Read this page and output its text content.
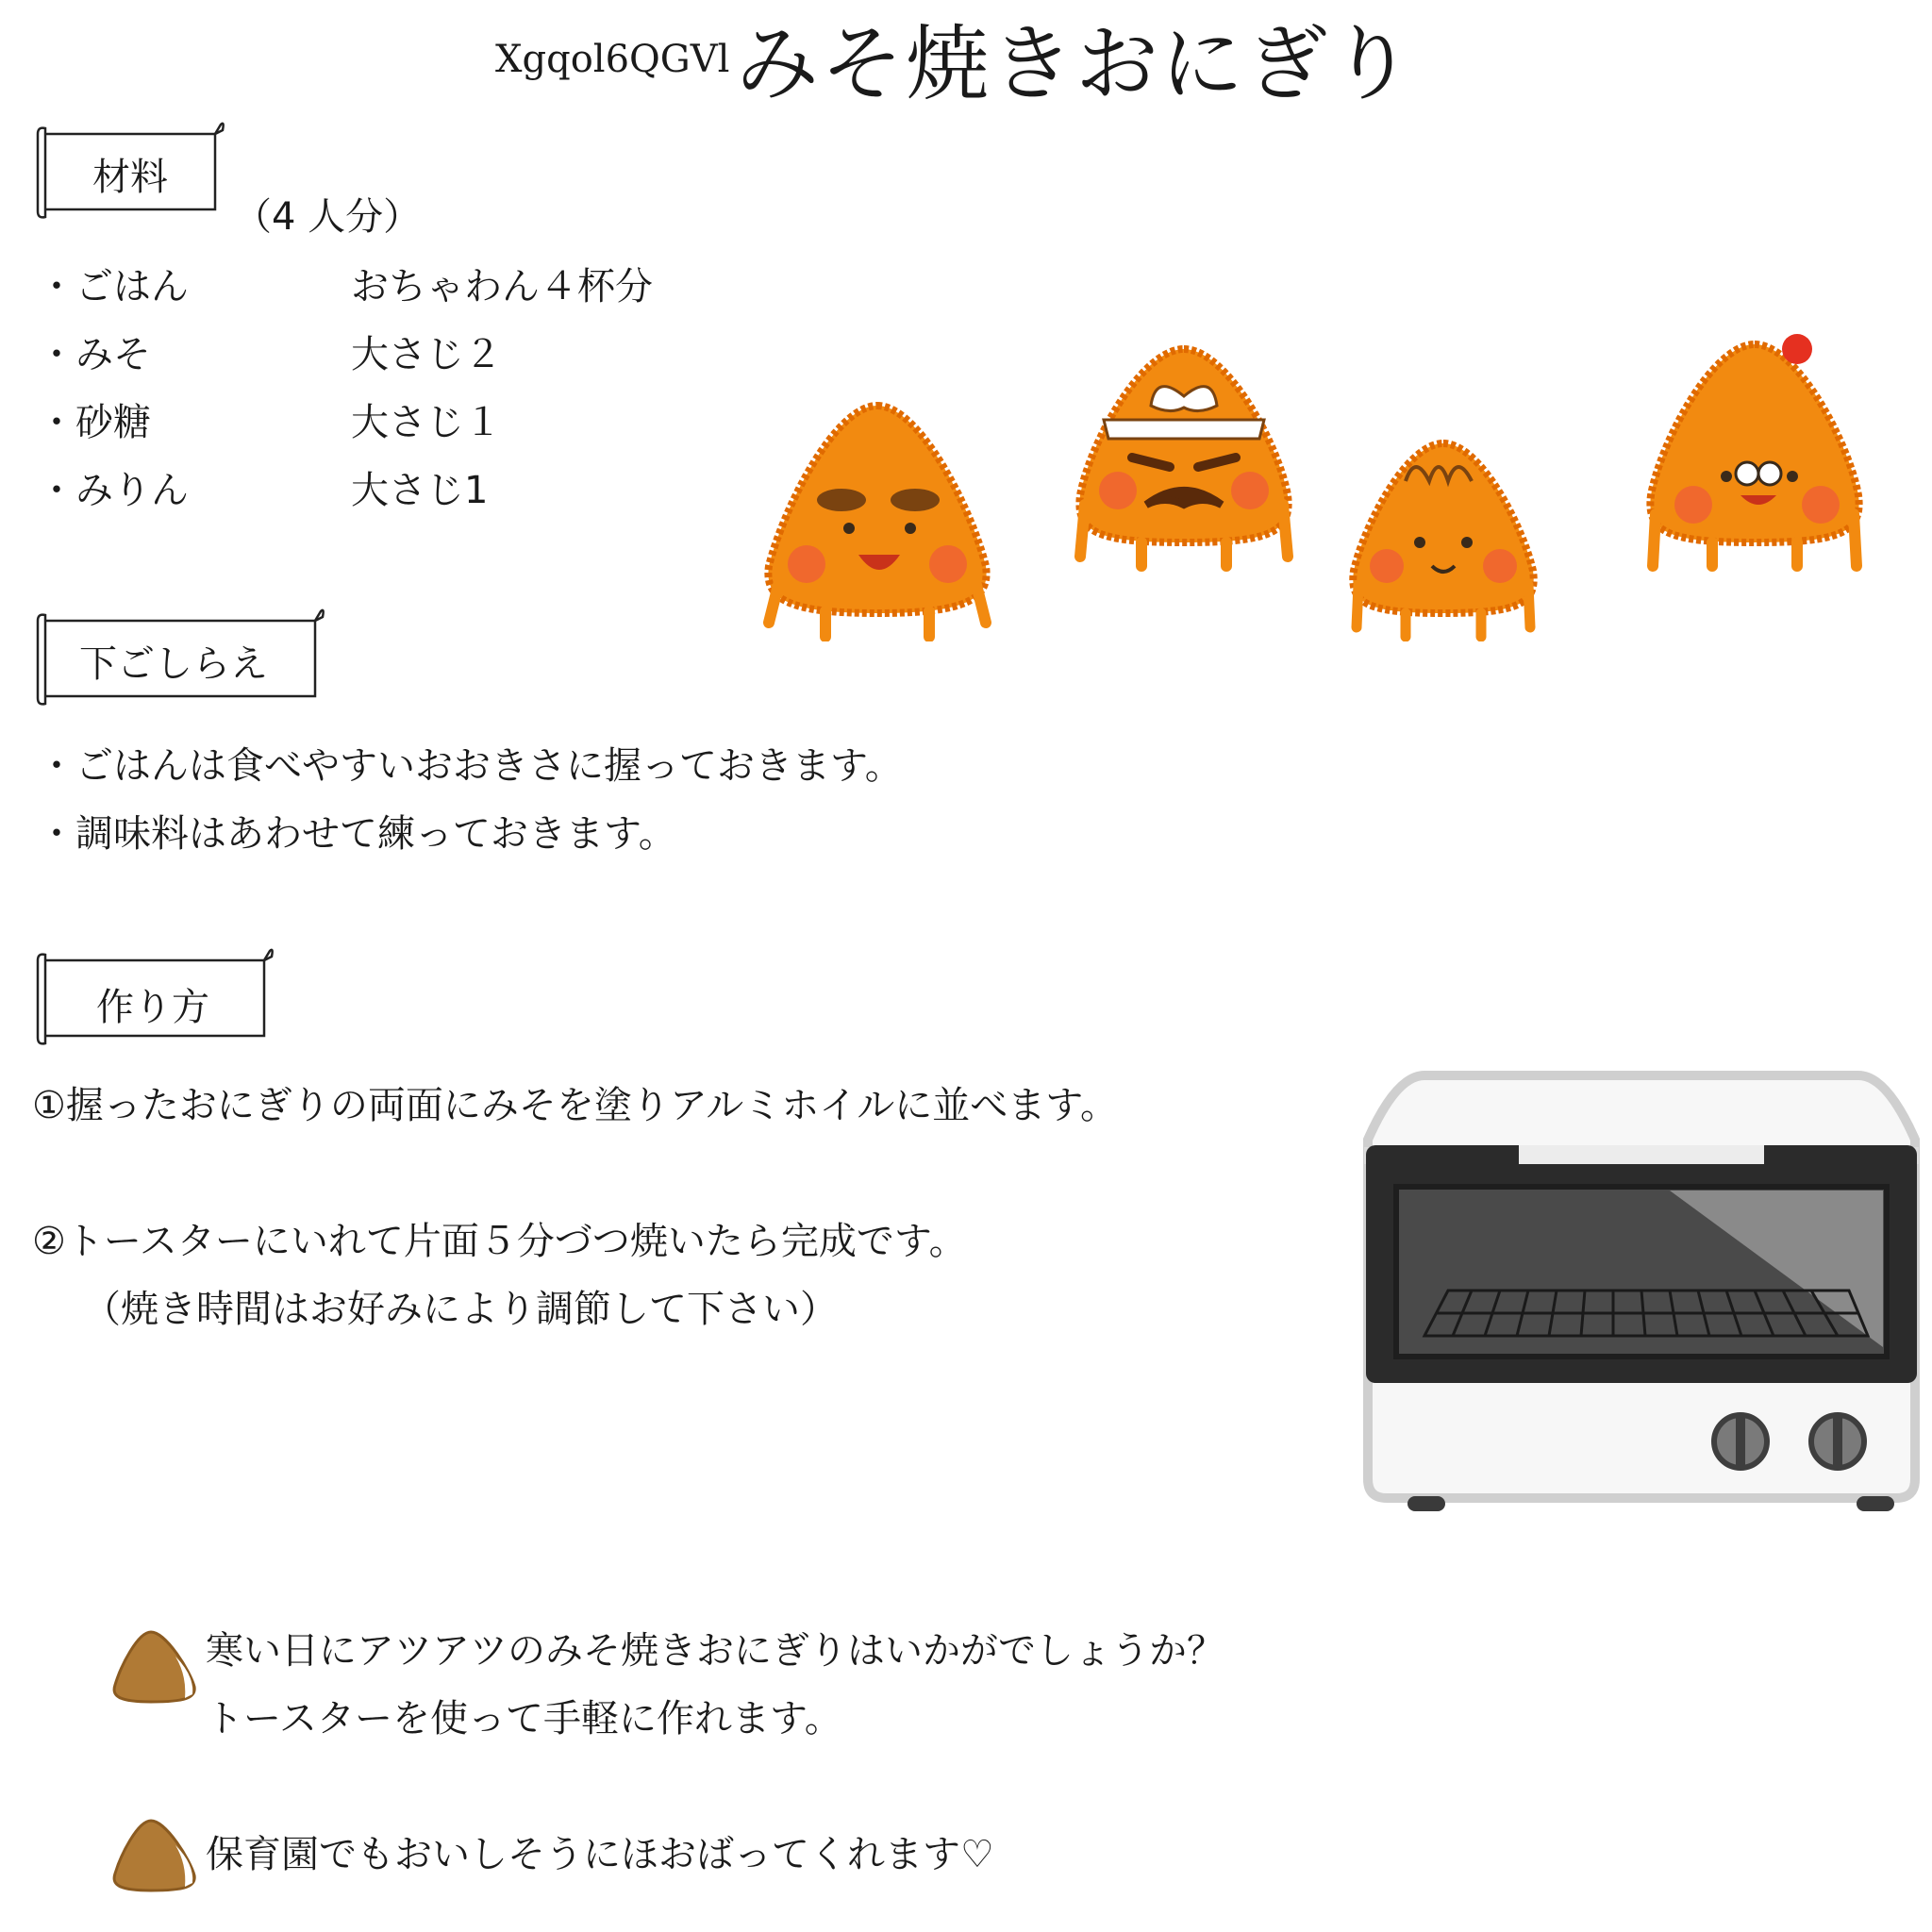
Xgqol6QGVl みそ焼きおにぎり
材料
（4 人分）
・ごはん	おちゃわん４杯分
・みそ	大さじ２
・砂糖	大さじ１
・みりん	大さじ1
下ごしらえ
・ごはんは食べやすいおおきさに握っておきます。
・調味料はあわせて練っておきます。
作り方
①握ったおにぎりの両面にみそを塗りアルミホイルに並べます。
②トースターにいれて片面５分づつ焼いたら完成です。
（焼き時間はお好みにより調節して下さい）
寒い日にアツアツのみそ焼きおにぎりはいかがでしょうか？
トースターを使って手軽に作れます。
保育園でもおいしそうにほおばってくれます♡
